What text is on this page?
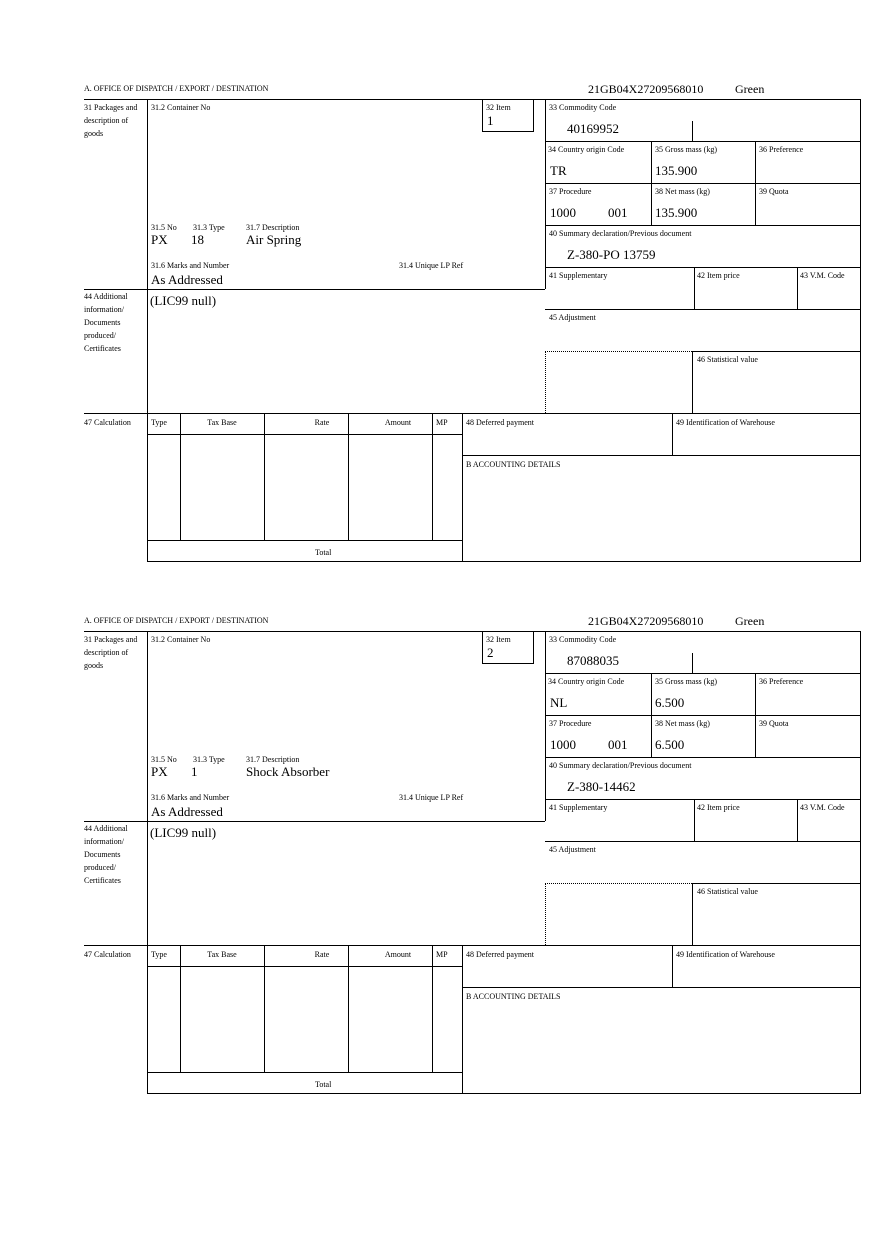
A. OFFICE OF DISPATCH / EXPORT / DESTINATION	21GB04X27209568010	Green
31 Packages and description of goods
31.2 Container No	32 Item
1
33 Commodity Code
40169952
34 Country origin Code
TR
35 Gross mass (kg)
135.900
36 Preference
37 Procedure
1000 001
38 Net mass (kg)
135.900
39 Quota
40 Summary declaration/Previous document
Z-380-PO 13759
31.5 No 31.3 Type	31.7 Description
PX 18	Air Spring
31.6 Marks and Number
As Addressed
31.4 Unique LP Ref
41 Supplementary	42 Item price	43 V.M. Code
44 Additional information/ Documents produced/ Certificates
(LIC99 null)
45 Adjustment
46 Statistical value
47 Calculation	Type	Tax Base	Rate	Amount	MP 48 Deferred payment	49 Identification of Warehouse
B ACCOUNTING DETAILS
Total
A. OFFICE OF DISPATCH / EXPORT / DESTINATION	21GB04X27209568010	Green
31 Packages and description of goods
31.2 Container No	32 Item
2
33 Commodity Code
87088035
34 Country origin Code
NL
35 Gross mass (kg)
6.500
36 Preference
37 Procedure
1000 001
38 Net mass (kg)
6.500
39 Quota
40 Summary declaration/Previous document
Z-380-14462
31.5 No 31.3 Type	31.7 Description
PX 1	Shock Absorber
31.6 Marks and Number
As Addressed
31.4 Unique LP Ref
41 Supplementary	42 Item price	43 V.M. Code
44 Additional information/ Documents produced/ Certificates
(LIC99 null)
45 Adjustment
46 Statistical value
47 Calculation	Type	Tax Base	Rate	Amount	MP 48 Deferred payment	49 Identification of Warehouse
B ACCOUNTING DETAILS
Total
